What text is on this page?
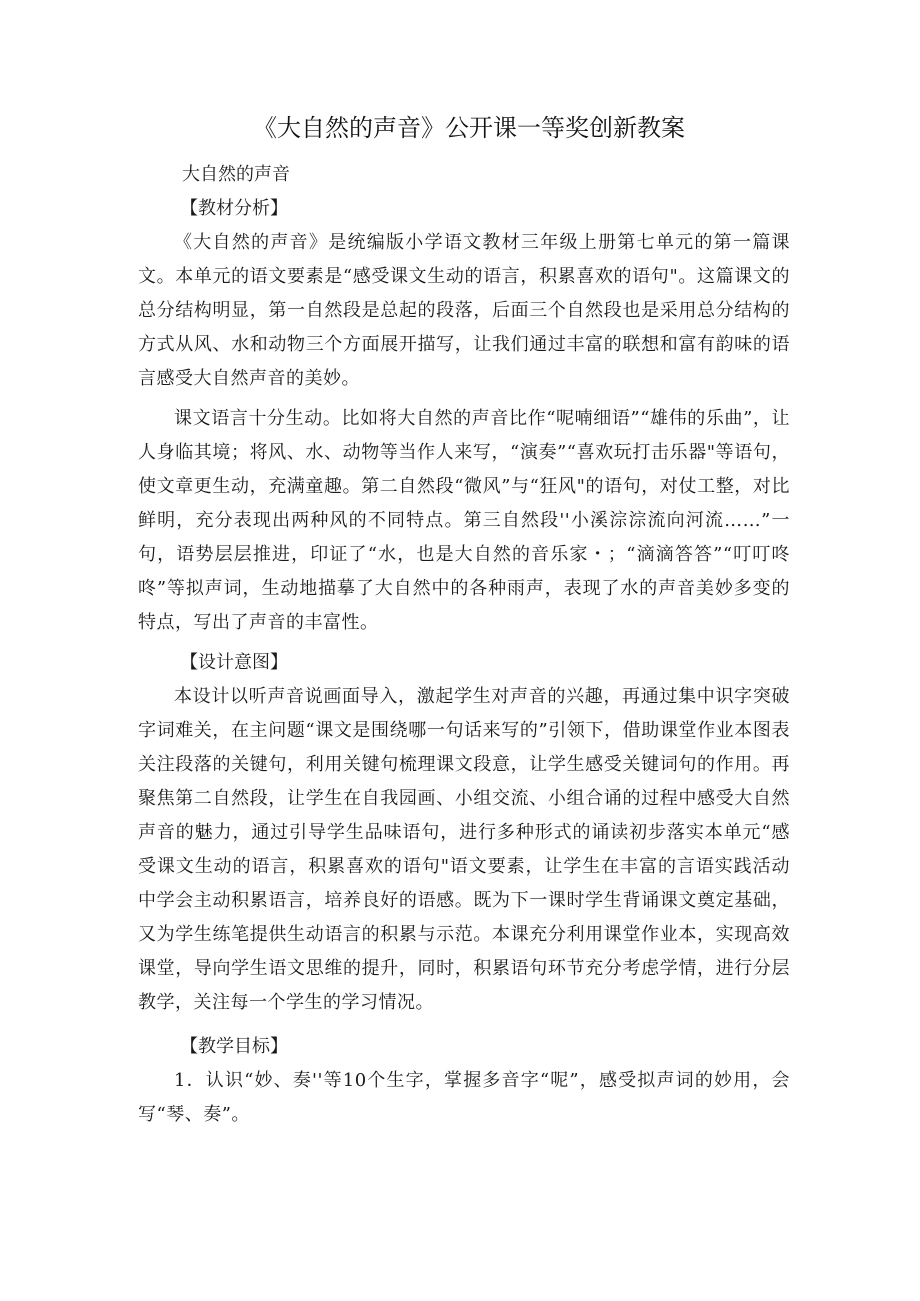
《大自然的声音》公开课一等奖创新教案

大自然的声音

【教材分析】

《大自然的声音》是统编版小学语文教材三年级上册第七单元的第一篇课文。本单元的语文要素是“感受课文生动的语言，积累喜欢的语句"。这篇课文的总分结构明显，第一自然段是总起的段落，后面三个自然段也是采用总分结构的方式从风、水和动物三个方面展开描写，让我们通过丰富的联想和富有韵味的语言感受大自然声音的美妙。

课文语言十分生动。比如将大自然的声音比作“呢喃细语”“雄伟的乐曲”，让人身临其境；将风、水、动物等当作人来写，“演奏”“喜欢玩打击乐器"等语句，使文章更生动，充满童趣。第二自然段“微风”与“狂风"的语句，对仗工整，对比鲜明，充分表现出两种风的不同特点。第三自然段''小溪淙淙流向河流……”一句，语势层层推进，印证了“水，也是大自然的音乐家・；“滴滴答答”“叮叮咚咚”等拟声词，生动地描摹了大自然中的各种雨声，表现了水的声音美妙多变的特点，写出了声音的丰富性。

【设计意图】

本设计以听声音说画面导入，激起学生对声音的兴趣，再通过集中识字突破字词难关，在主问题“课文是围绕哪一句话来写的”引领下，借助课堂作业本图表关注段落的关键句，利用关键句梳理课文段意，让学生感受关键词句的作用。再聚焦第二自然段，让学生在自我园画、小组交流、小组合诵的过程中感受大自然声音的魅力，通过引导学生品味语句，进行多种形式的诵读初步落实本单元“感受课文生动的语言，积累喜欢的语句"语文要素，让学生在丰富的言语实践活动中学会主动积累语言，培养良好的语感。既为下一课时学生背诵课文奠定基础，又为学生练笔提供生动语言的积累与示范。本课充分利用课堂作业本，实现高效课堂，导向学生语文思维的提升，同时，积累语句环节充分考虑学情，进行分层教学，关注每一个学生的学习情况。

【教学目标】

1．认识“妙、奏''等10个生字，掌握多音字“呢”，感受拟声词的妙用，会写“琴、奏”。
